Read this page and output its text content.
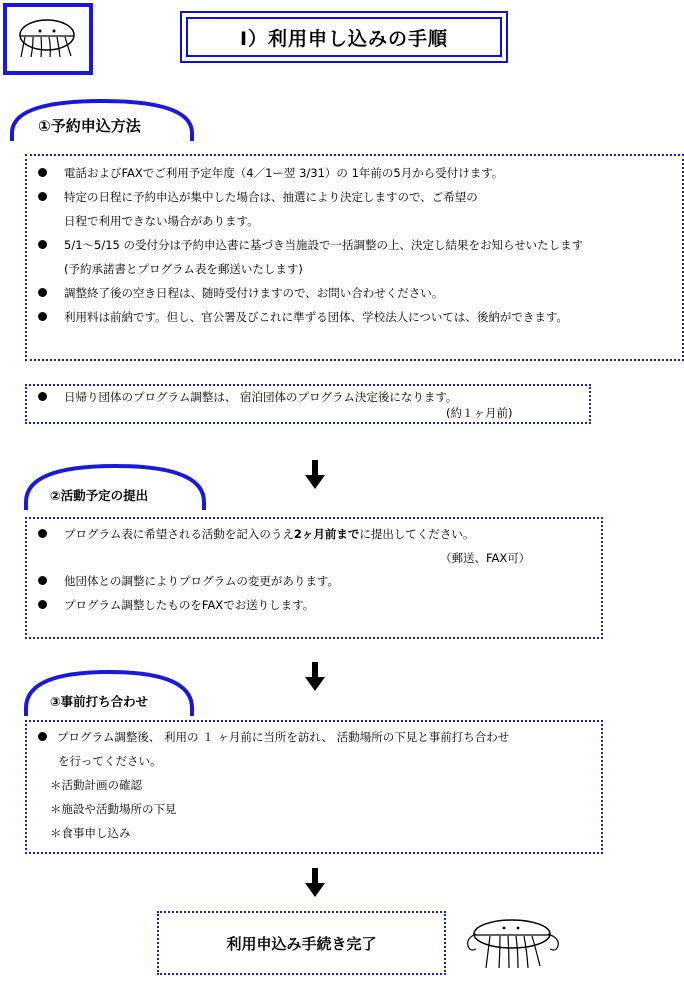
Ⅰ）利用申し込みの手順
①予約申込方法
電話およびFAXでご利用予定年度（4／1ー翌 3/31）の 1年前の5月から受付けます。
特定の日程に予約申込が集中した場合は、抽選により決定しますので、ご希望の
日程で利用できない場合があります。
5/1～5/15 の受付分は予約申込書に基づき当施設で一括調整の上、決定し結果をお知らせいたします
(予約承諾書とプログラム表を郵送いたします)
調整終了後の空き日程は、随時受付けますので、お問い合わせください。
利用料は前納です。但し、官公署及びこれに準ずる団体、学校法人については、後納ができます。
日帰り団体のプログラム調整は、 宿泊団体のプログラム決定後になります。
(約１ヶ月前)
②活動予定の提出
プログラム表に希望される活動を記入のうえ2ヶ月前までに提出してください。
（郵送、FAX可）
他団体との調整によりプログラムの変更があります。
プログラム調整したものをFAXでお送りします。
③事前打ち合わせ
プログラム調整後、 利用の １ ヶ月前に当所を訪れ、 活動場所の下見と事前打ち合わせ
を行ってください。
＊活動計画の確認
＊施設や活動場所の下見
＊食事申し込み
利用申込み手続き完了
